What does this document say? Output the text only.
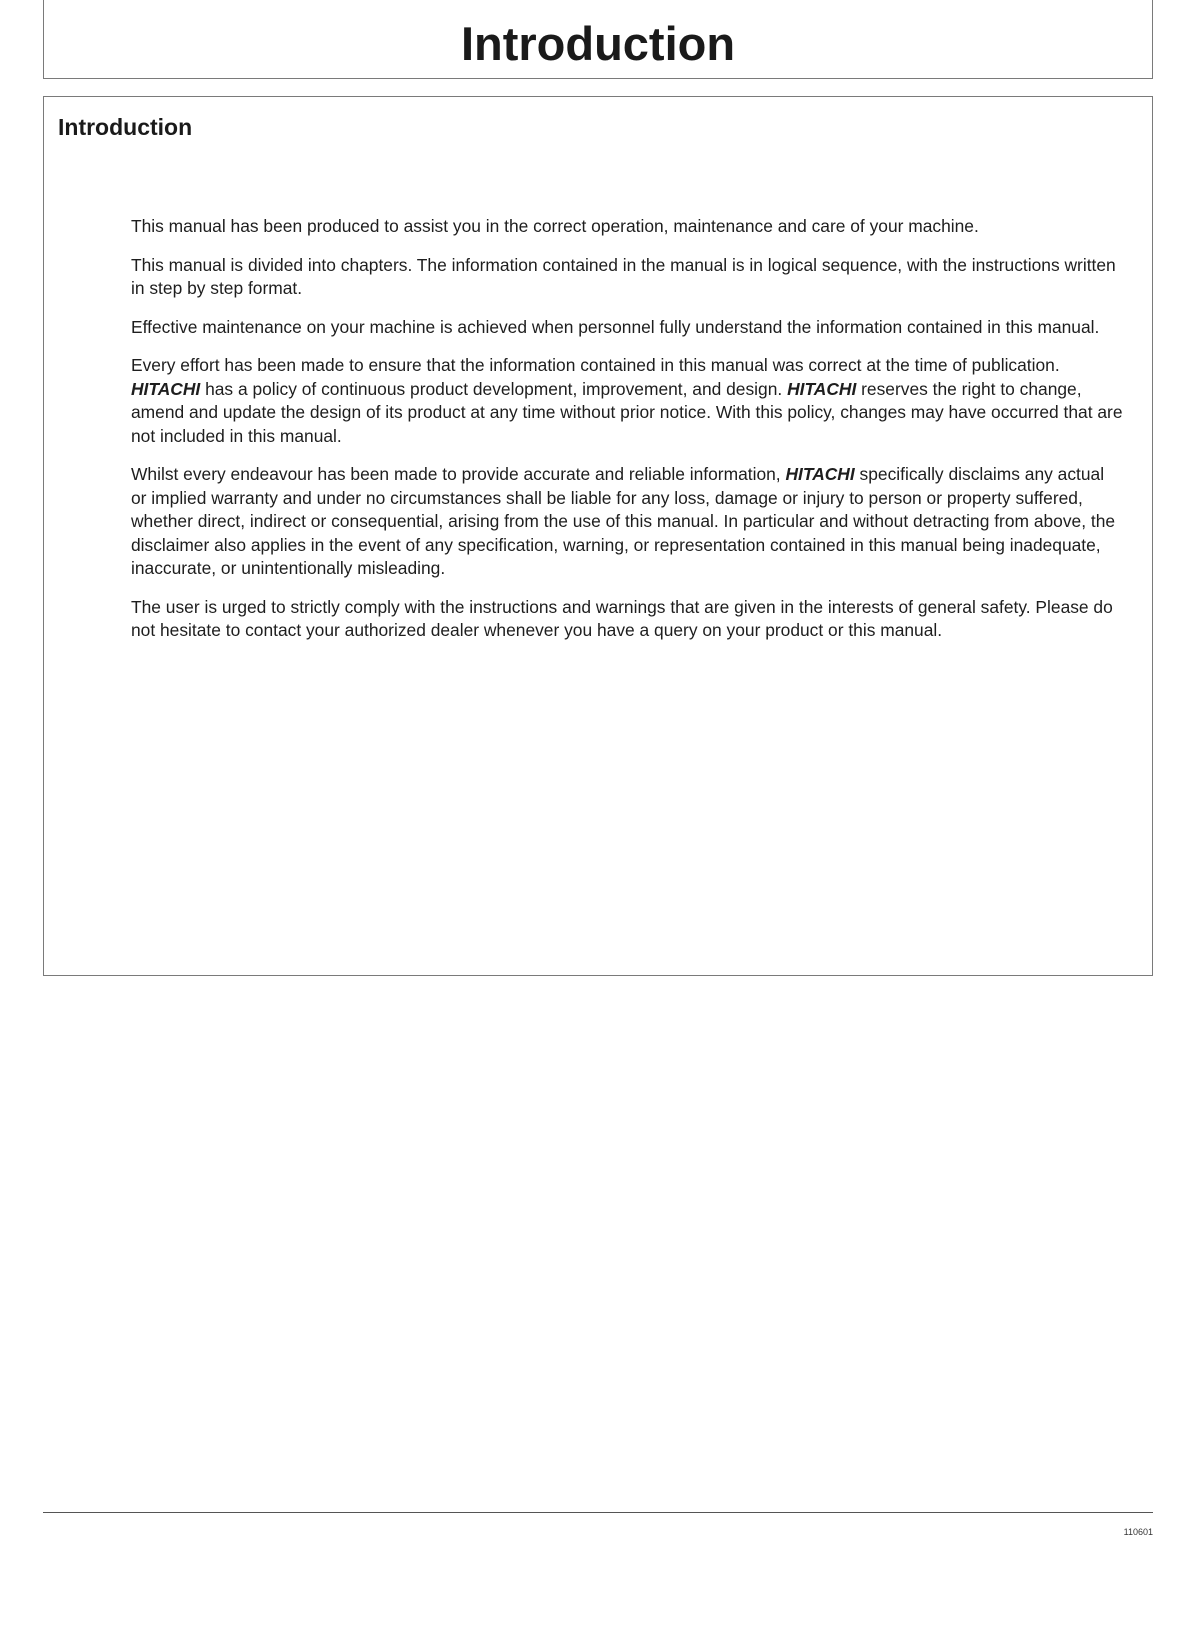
Introduction
Introduction

This manual has been produced to assist you in the correct operation, maintenance and care of your machine.

This manual is divided into chapters. The information contained in the manual is in logical sequence, with the instructions written in step by step format.

Effective maintenance on your machine is achieved when personnel fully understand the information contained in this manual.

Every effort has been made to ensure that the information contained in this manual was correct at the time of publication. HITACHI has a policy of continuous product development, improvement, and design. HITACHI reserves the right to change, amend and update the design of its product at any time without prior notice. With this policy, changes may have occurred that are not included in this manual.

Whilst every endeavour has been made to provide accurate and reliable information, HITACHI specifically disclaims any actual or implied warranty and under no circumstances shall be liable for any loss, damage or injury to person or property suffered, whether direct, indirect or consequential, arising from the use of this manual. In particular and without detracting from above, the disclaimer also applies in the event of any specification, warning, or representation contained in this manual being inadequate, inaccurate, or unintentionally misleading.

The user is urged to strictly comply with the instructions and warnings that are given in the interests of general safety. Please do not hesitate to contact your authorized dealer whenever you have a query on your product or this manual.

110601
